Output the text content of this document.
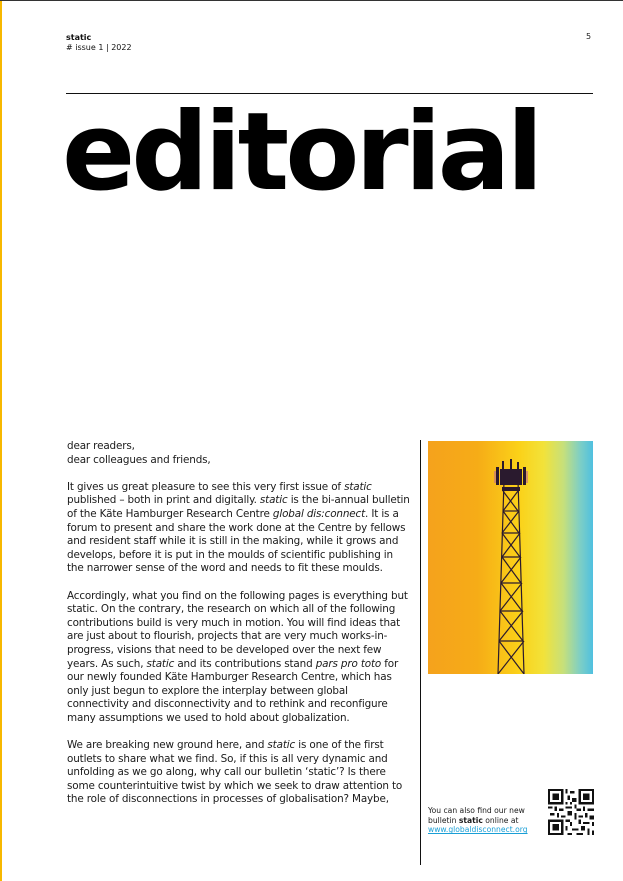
static
# issue 1 | 2022
5
editorial

dear readers,
dear colleagues and friends,

It gives us great pleasure to see this very first issue of static published – both in print and digitally. static is the bi-annual bulletin of the Käte Hamburger Research Centre global dis:connect. It is a forum to present and share the work done at the Centre by fellows and resident staff while it is still in the making, while it grows and develops, before it is put in the moulds of scientific publishing in the narrower sense of the word and needs to fit these moulds.

Accordingly, what you find on the following pages is everything but static. On the contrary, the research on which all of the following contributions build is very much in motion. You will find ideas that are just about to flourish, projects that are very much works-in-progress, visions that need to be developed over the next few years. As such, static and its contributions stand pars pro toto for our newly founded Käte Hamburger Research Centre, which has only just begun to explore the interplay between global connectivity and disconnectivity and to rethink and reconfigure many assumptions we used to hold about globalization.

We are breaking new ground here, and static is one of the first outlets to share what we find. So, if this is all very dynamic and unfolding as we go along, why call our bulletin ‘static’? Is there some counterintuitive twist by which we seek to draw attention to the role of disconnections in processes of globalisation? Maybe,

You can also find our new bulletin static online at
www.globaldisconnect.org
